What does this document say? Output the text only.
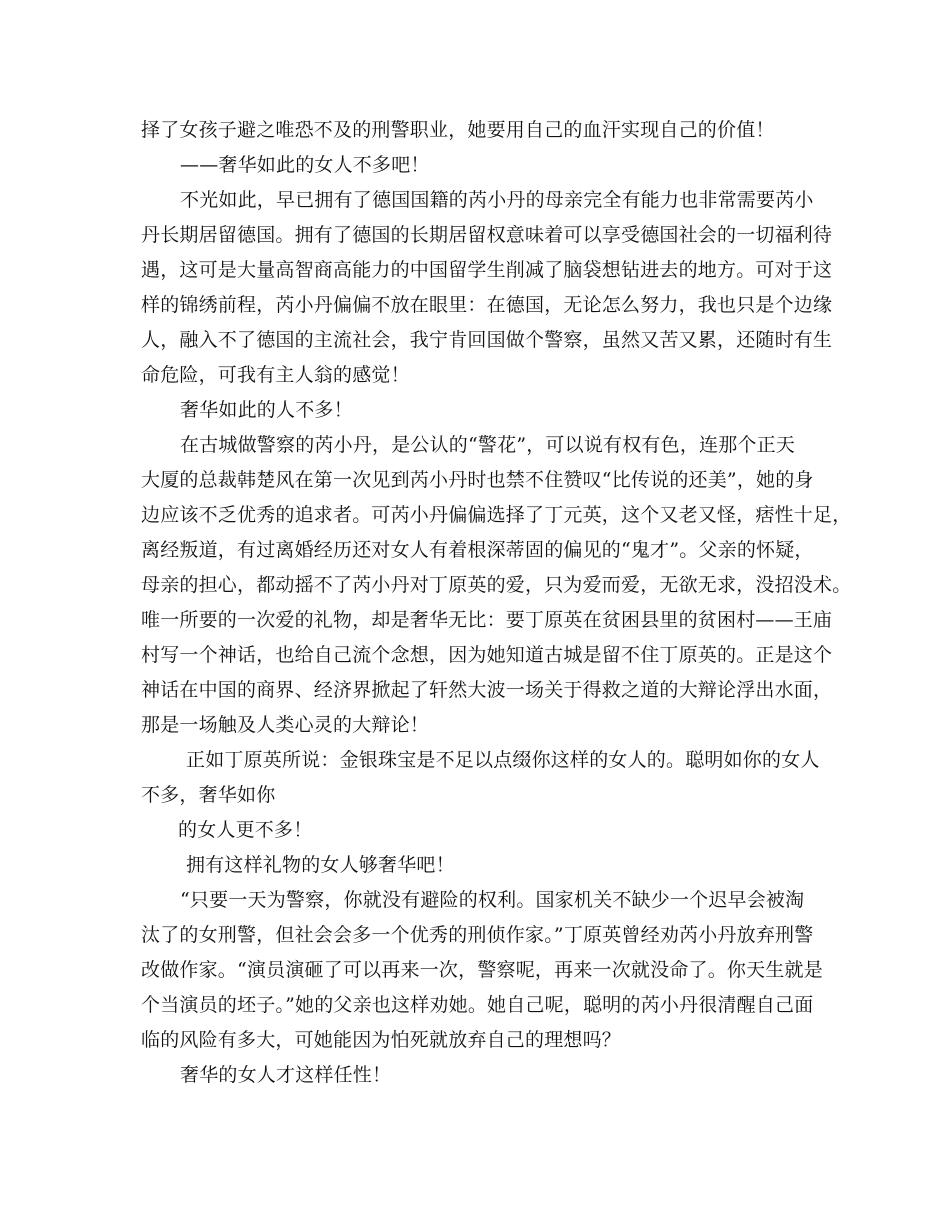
择了女孩子避之唯恐不及的刑警职业，她要用自己的血汗实现自己的价值！
——奢华如此的女人不多吧！
不光如此，早已拥有了德国国籍的芮小丹的母亲完全有能力也非常需要芮小
丹长期居留德国。拥有了德国的长期居留权意味着可以享受德国社会的一切福利待
遇，这可是大量高智商高能力的中国留学生削减了脑袋想钻进去的地方。可对于这
样的锦绣前程，芮小丹偏偏不放在眼里：在德国，无论怎么努力，我也只是个边缘
人，融入不了德国的主流社会，我宁肯回国做个警察，虽然又苦又累，还随时有生
命危险，可我有主人翁的感觉！
奢华如此的人不多！
在古城做警察的芮小丹，是公认的“警花”，可以说有权有色，连那个正天
大厦的总裁韩楚风在第一次见到芮小丹时也禁不住赞叹“比传说的还美”，她的身
边应该不乏优秀的追求者。可芮小丹偏偏选择了丁元英，这个又老又怪，痞性十足，
离经叛道，有过离婚经历还对女人有着根深蒂固的偏见的“鬼才”。父亲的怀疑，
母亲的担心，都动摇不了芮小丹对丁原英的爱，只为爱而爱，无欲无求，没招没术。
唯一所要的一次爱的礼物，却是奢华无比：要丁原英在贫困县里的贫困村——王庙
村写一个神话，也给自己流个念想，因为她知道古城是留不住丁原英的。正是这个
神话在中国的商界、经济界掀起了轩然大波一场关于得救之道的大辩论浮出水面，
那是一场触及人类心灵的大辩论！
正如丁原英所说：金银珠宝是不足以点缀你这样的女人的。聪明如你的女人
不多，奢华如你
的女人更不多！
拥有这样礼物的女人够奢华吧！
“只要一天为警察，你就没有避险的权利。国家机关不缺少一个迟早会被淘
汰了的女刑警，但社会会多一个优秀的刑侦作家。”丁原英曾经劝芮小丹放弃刑警
改做作家。“演员演砸了可以再来一次，警察呢，再来一次就没命了。你天生就是
个当演员的坯子。”她的父亲也这样劝她。她自己呢，聪明的芮小丹很清醒自己面
临的风险有多大，可她能因为怕死就放弃自己的理想吗？
奢华的女人才这样任性！
